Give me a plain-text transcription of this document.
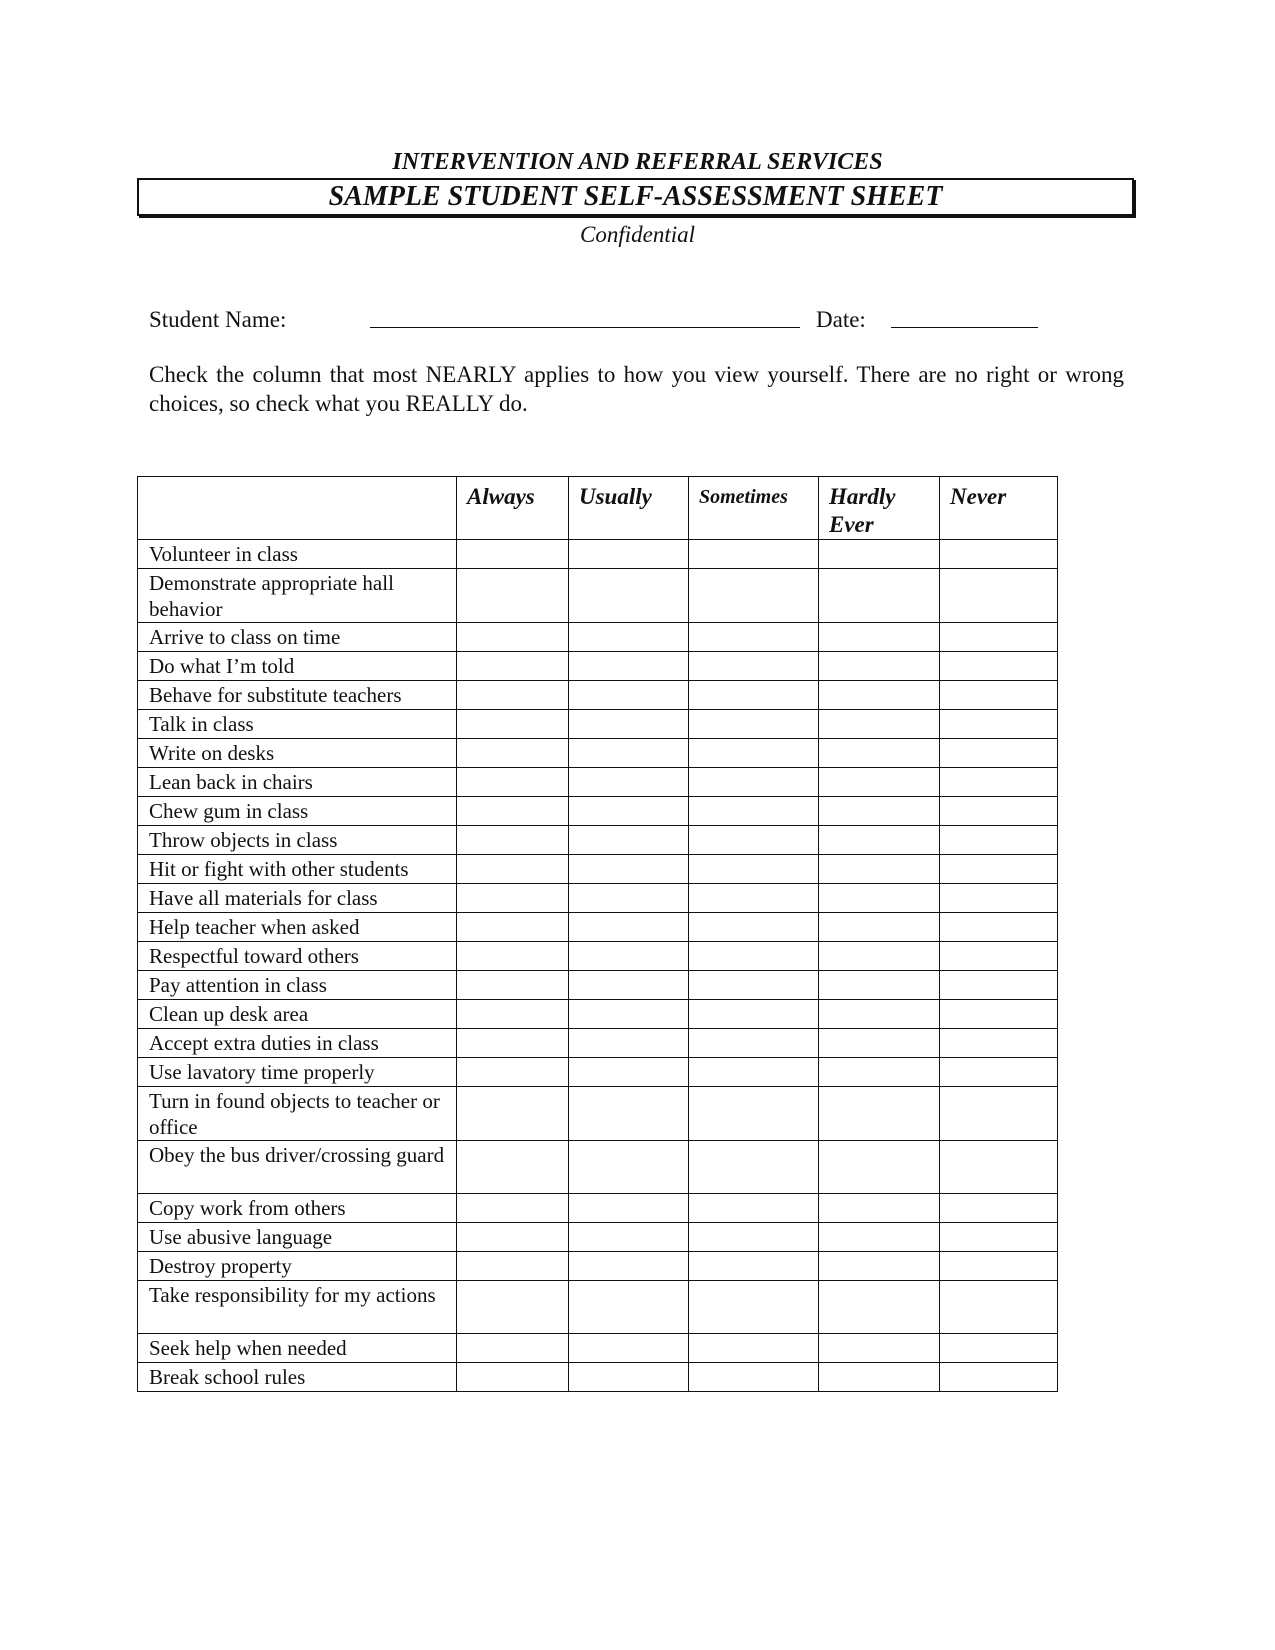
INTERVENTION AND REFERRAL SERVICES
SAMPLE STUDENT SELF-ASSESSMENT SHEET
Confidential
Student Name:	Date:

Check the column that most NEARLY applies to how you view yourself. There are no right or wrong choices, so check what you REALLY do.

	Always	Usually	Sometimes	Hardly Ever	Never
Volunteer in class					
Demonstrate appropriate hall behavior					
Arrive to class on time					
Do what I’m told					
Behave for substitute teachers					
Talk in class					
Write on desks					
Lean back in chairs					
Chew gum in class					
Throw objects in class					
Hit or fight with other students					
Have all materials for class					
Help teacher when asked					
Respectful toward others					
Pay attention in class					
Clean up desk area					
Accept extra duties in class					
Use lavatory time properly					
Turn in found objects to teacher or office					
Obey the bus driver/crossing guard					
Copy work from others					
Use abusive language					
Destroy property					
Take responsibility for my actions					
Seek help when needed					
Break school rules					
